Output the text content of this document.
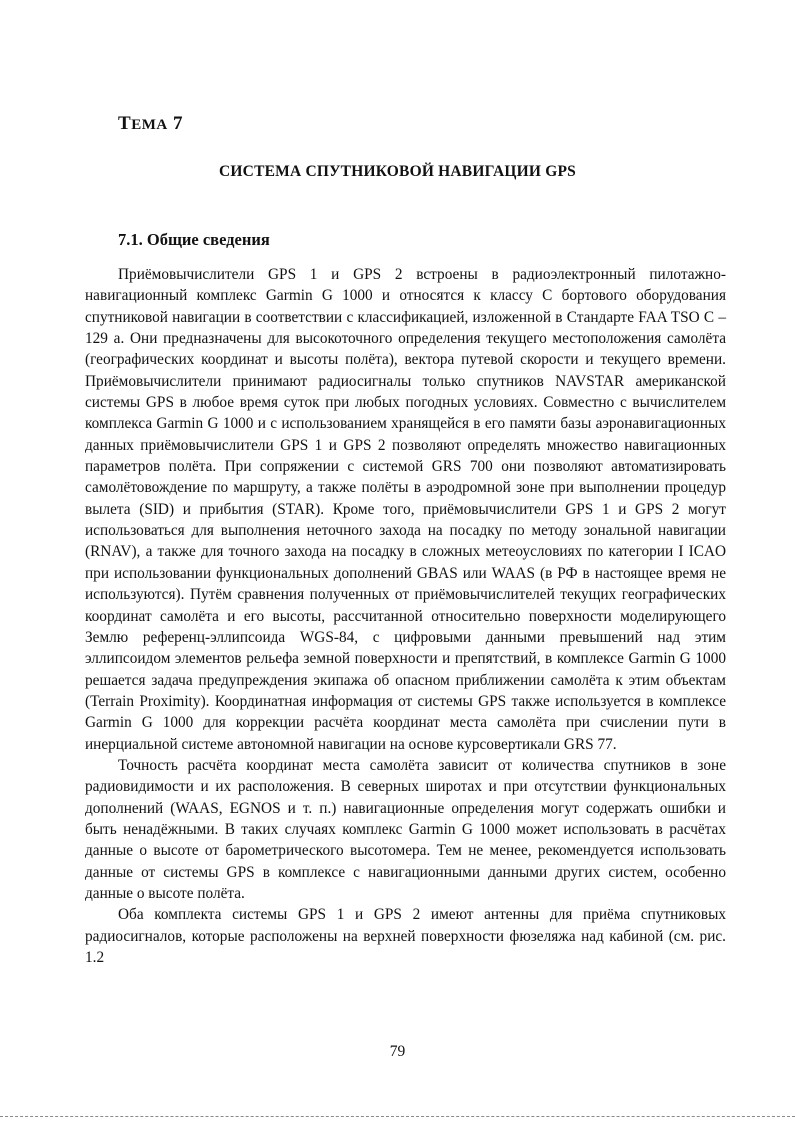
ТЕМА 7
СИСТЕМА СПУТНИКОВОЙ НАВИГАЦИИ GPS
7.1. Общие сведения

Приёмовычислители GPS 1 и GPS 2 встроены в радиоэлектронный пилотажно-навигационный комплекс Garmin G 1000 и относятся к классу С бортового оборудования спутниковой навигации в соответствии с классификацией, изложенной в Стандарте FAA TSO C – 129 а. Они предназначены для высокоточного определения текущего местоположения самолёта (географических координат и высоты полёта), вектора путевой скорости и текущего времени. Приёмовычислители принимают радиосигналы только спутников NAVSTAR американской системы GPS в любое время суток при любых погодных условиях. Совместно с вычислителем комплекса Garmin G 1000 и с использованием хранящейся в его памяти базы аэронавигационных данных приёмовычислители GPS 1 и GPS 2 позволяют определять множество навигационных параметров полёта. При сопряжении с системой GRS 700 они позволяют автоматизировать самолётовождение по маршруту, а также полёты в аэродромной зоне при выполнении процедур вылета (SID) и прибытия (STAR). Кроме того, приёмовычислители GPS 1 и GPS 2 могут использоваться для выполнения неточного захода на посадку по методу зональной навигации (RNAV), а также для точного захода на посадку в сложных метеоусловиях по категории I ICAO при использовании функциональных дополнений GBAS или WAAS (в РФ в настоящее время не используются). Путём сравнения полученных от приёмовычислителей текущих географических координат самолёта и его высоты, рассчитанной относительно поверхности моделирующего Землю референц-эллипсоида WGS-84, с цифровыми данными превышений над этим эллипсоидом элементов рельефа земной поверхности и препятствий, в комплексе Garmin G 1000 решается задача предупреждения экипажа об опасном приближении самолёта к этим объектам (Terrain Proximity). Координатная информация от системы GPS также используется в комплексе Garmin G 1000 для коррекции расчёта координат места самолёта при счислении пути в инерциальной системе автономной навигации на основе курсовертикали GRS 77.

Точность расчёта координат места самолёта зависит от количества спутников в зоне радиовидимости и их расположения. В северных широтах и при отсутствии функциональных дополнений (WAAS, EGNOS и т. п.) навигационные определения могут содержать ошибки и быть ненадёжными. В таких случаях комплекс Garmin G 1000 может использовать в расчётах данные о высоте от барометрического высотомера. Тем не менее, рекомендуется использовать данные от системы GPS в комплексе с навигационными данными других систем, особенно данные о высоте полёта.

Оба комплекта системы GPS 1 и GPS 2 имеют антенны для приёма спутниковых радиосигналов, которые расположены на верхней поверхности фюзеляжа над кабиной (см. рис. 1.2

79
